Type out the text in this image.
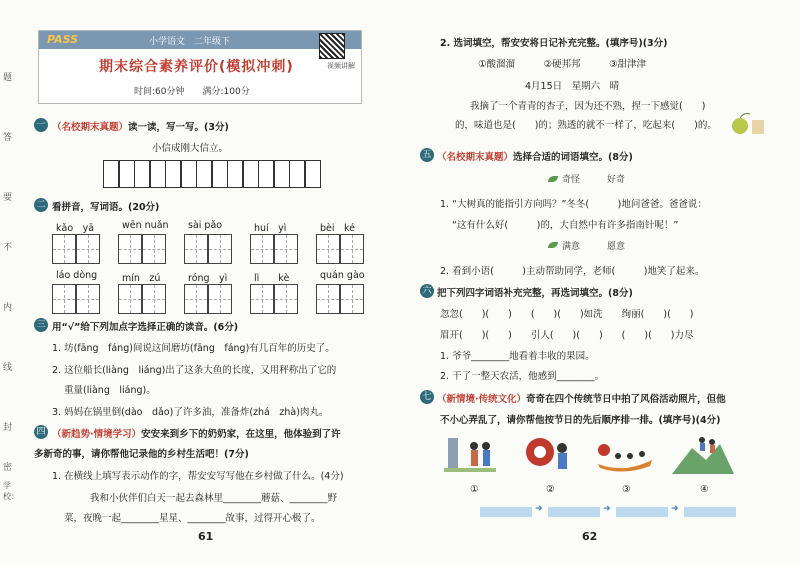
题
答
要
不
内
线
封
密
学校：
PASS	小学语文　二年级下
视频讲解
期末综合素养评价(模拟冲刺)
时间:60分钟　　满分:100分
一 （名校期末真题）读一读，写一写。(3分)
小信成刚大信立。
二 看拼音，写词语。(20分)
kǎo　yā	wēn nuǎn sài pǎo	huí　yì	bèi　ké
láo dòng	mín　zú	róng　yì	lì　　kè	quán gào
三 用“√”给下列加点字选择正确的读音。(6分)
1. 坊(fāng　fáng)间说这间磨坊(fāng　fáng)有几百年的历史了。
2. 这位船长(liàng　liáng)出了这条大鱼的长度，又用秤称出了它的
重量(liàng　liáng)。
3. 妈妈在锅里倒(dào　dǎo)了许多油，准备炸(zhá　zhà)肉丸。
四 （新趋势·情境学习）安安来到乡下的奶奶家，在这里，他体验到了许
多新奇的事，请你帮他记录他的乡村生活吧！(7分)
1. 在横线上填写表示动作的字，帮安安写写他在乡村做了什么。(4分)
我和小伙伴们白天一起去森林里________蘑菇、________野
菜，夜晚一起________星星、________故事，过得开心极了。
61
2. 选词填空，帮安安将日记补充完整。(填序号)(3分)
①酸溜溜　　　②硬邦邦　　　③甜津津
4月15日　星期六　晴
我摘了一个青青的杏子，因为还不熟，捏一下感觉(　　)
的，味道也是(　　)的；熟透的就不一样了，吃起来(　　)的。
五 （名校期末真题）选择合适的词语填空。(8分)
奇怪　　　好奇
1. “大树真的能指引方向吗？”冬冬(　　　)地问爸爸。爸爸说：
“这有什么好(　　　)的，大自然中有许多指南针呢！”
满意　　　愿意
2. 看到小语(　　　)主动帮助同学，老师(　　　)地笑了起来。
六 把下列四字词语补充完整，再选词填空。(8分)
忽忽(　　)(　　)　　(　　)(　　)如洗　　绚丽(　　)(　　)
眉开(　　)(　　)　　引人(　　)(　　)　　(　　)(　　)力尽
1. 爷爷________地看着丰收的果园。
2. 干了一整天农活，他感到________。
七 （新情境·传统文化）奇奇在四个传统节日中拍了风俗活动照片，但他
不小心弄乱了，请你帮他按节日的先后顺序排一排。(填序号)(4分)
①	②	③	④
➜	➜	➜
62
